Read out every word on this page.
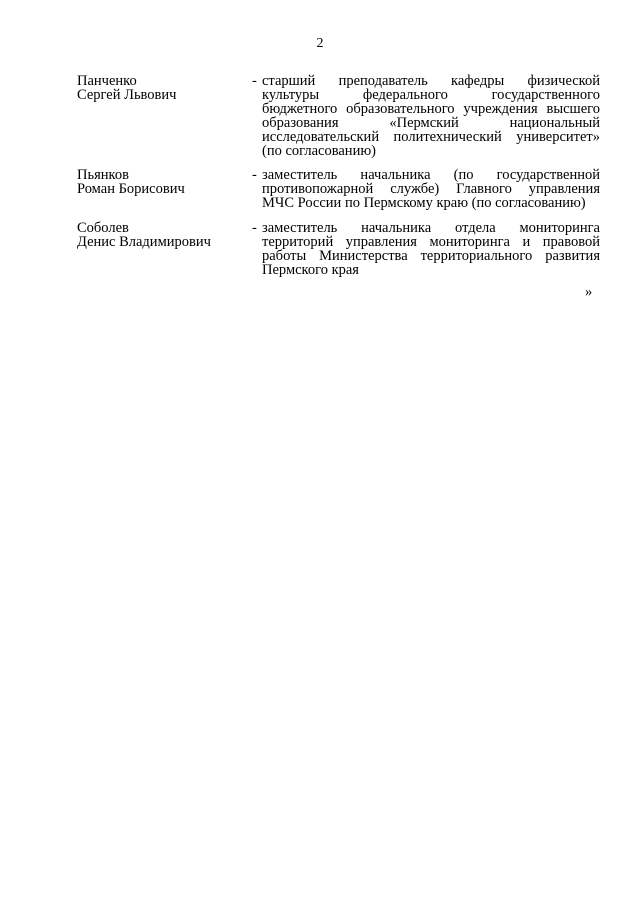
2
Панченко
Сергей Львович
- старший преподаватель кафедры физической
культуры федерального государственного
бюджетного образовательного учреждения высшего
образования «Пермский национальный
исследовательский политехнический университет»
(по согласованию)
Пьянков
Роман Борисович
- заместитель начальника (по государственной
противопожарной службе) Главного управления
МЧС России по Пермскому краю (по согласованию)
Соболев
Денис Владимирович
- заместитель начальника отдела мониторинга
территорий управления мониторинга и правовой
работы Министерства территориального развития
Пермского края
»
